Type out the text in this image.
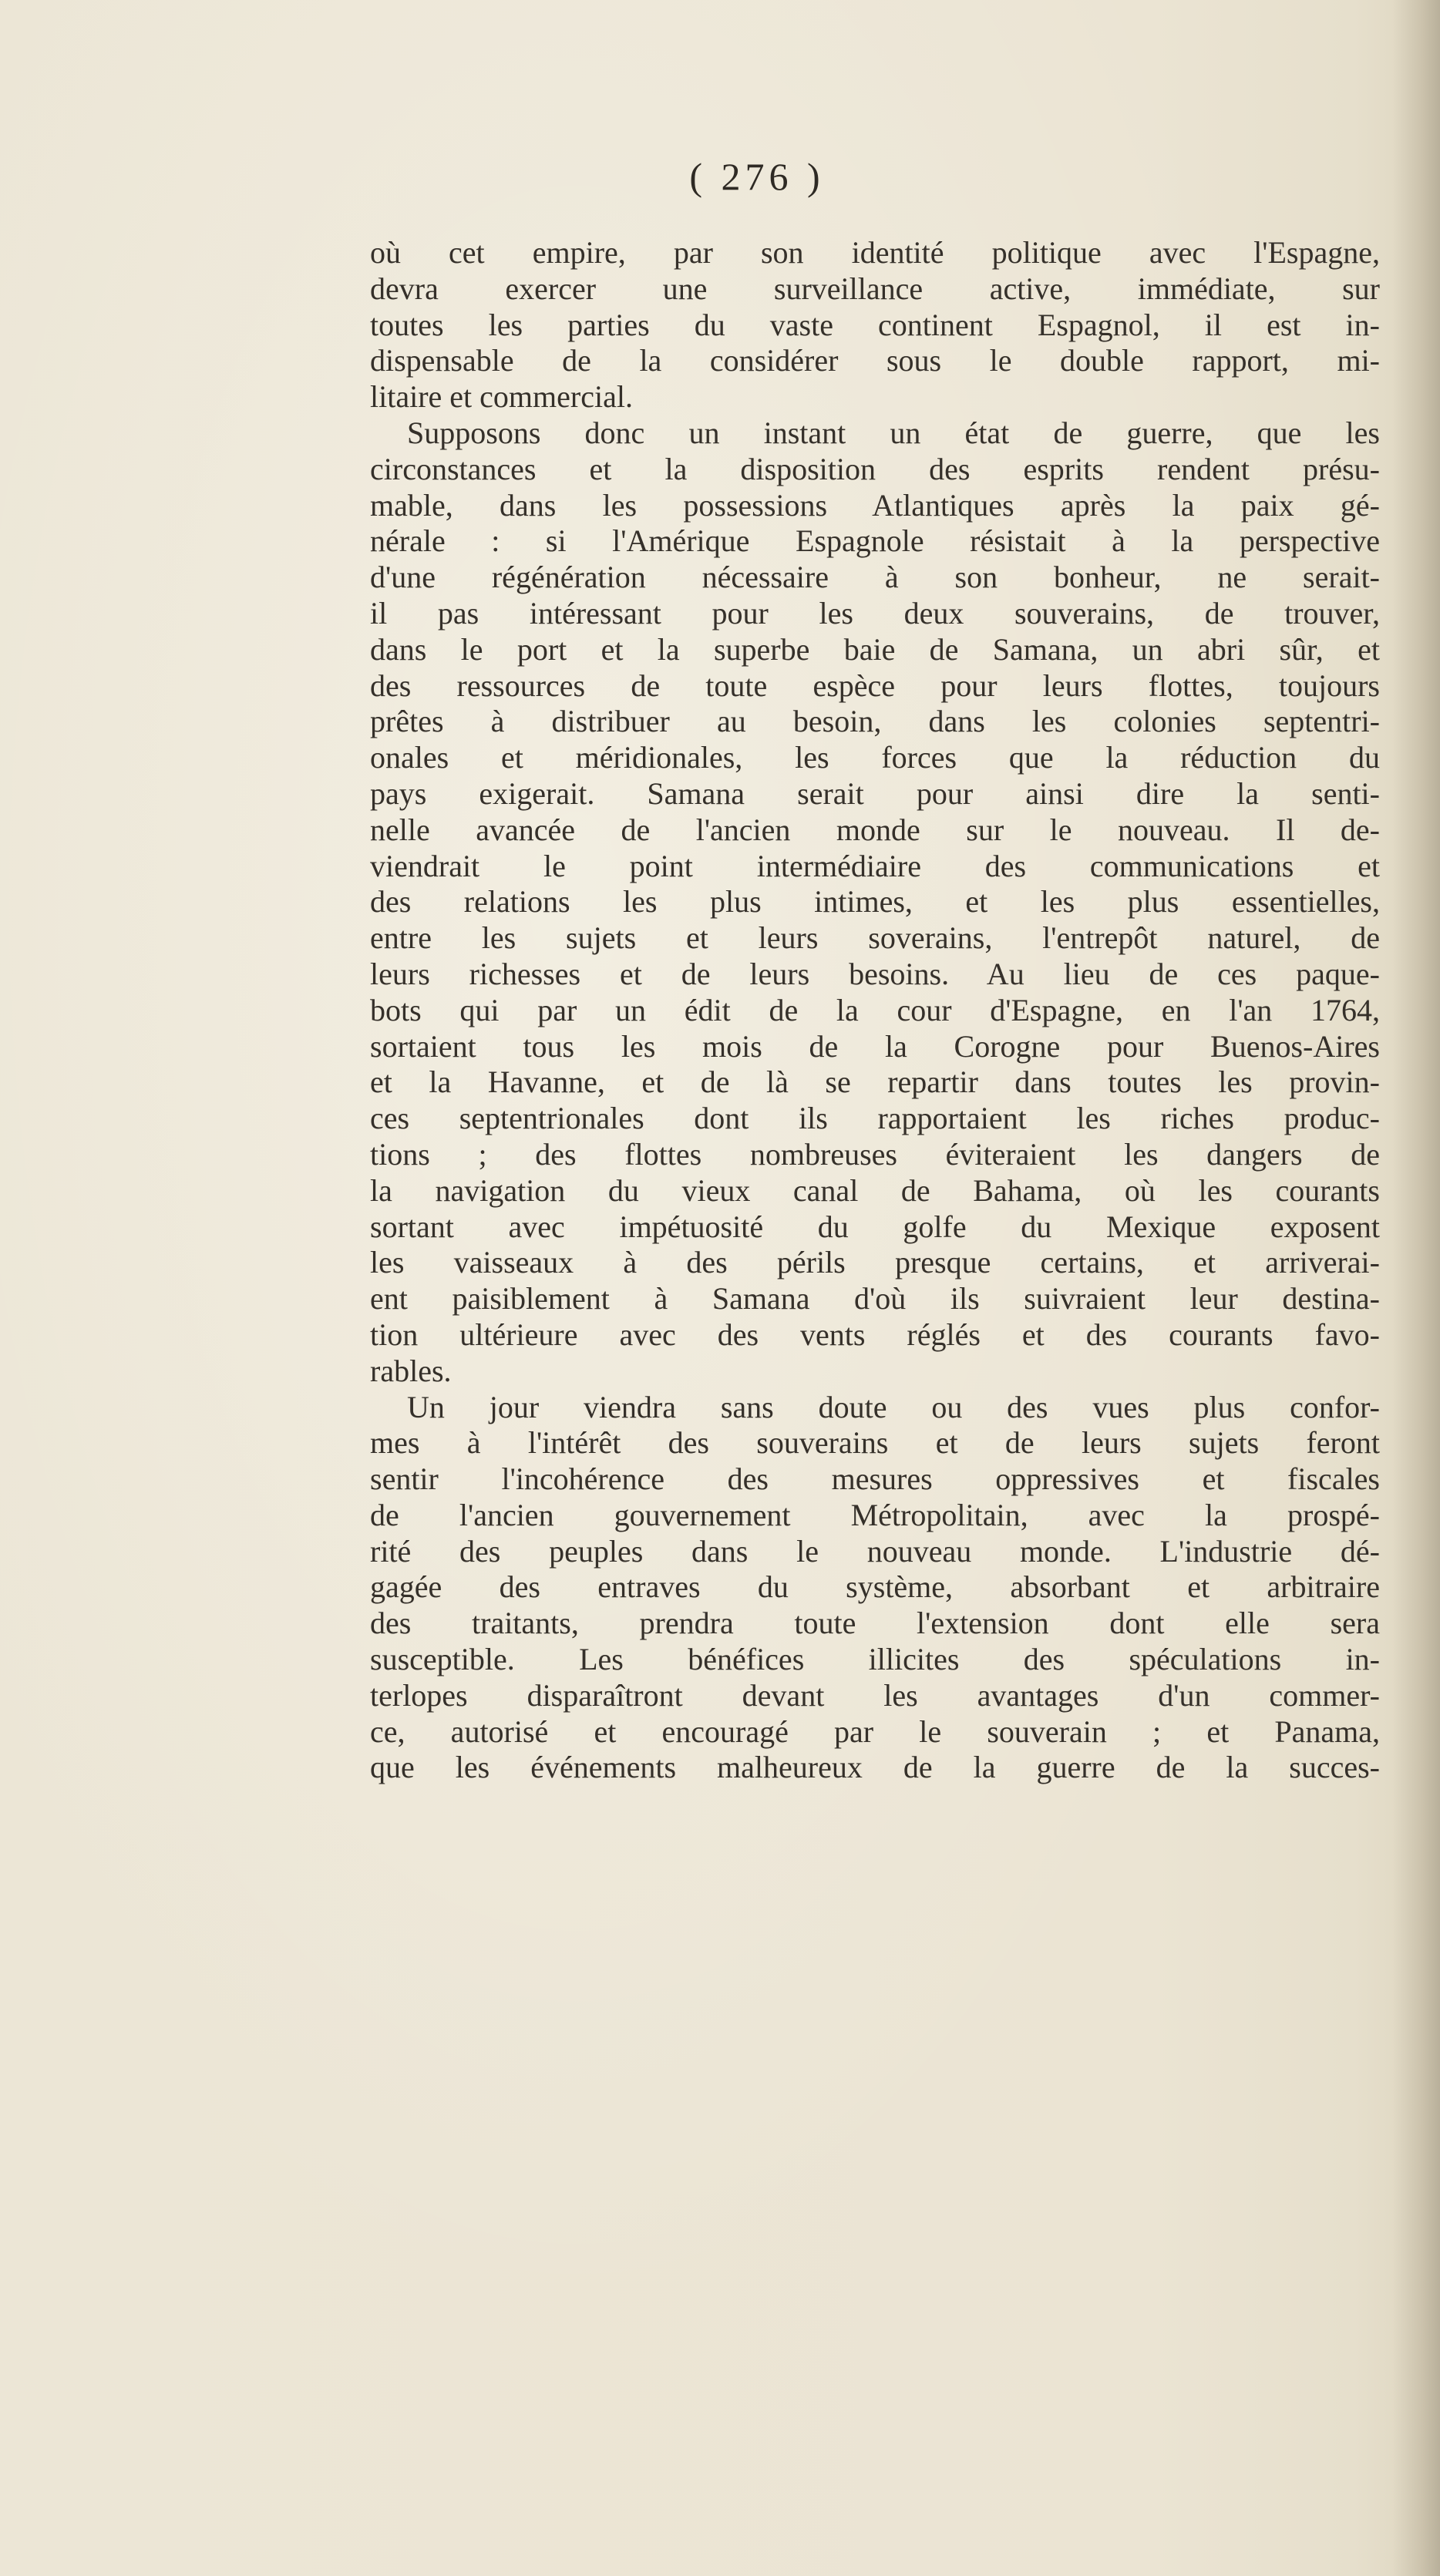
( 276 )

où cet empire, par son identité politique avec l'Espagne,
devra exercer une surveillance active, immédiate, sur
toutes les parties du vaste continent Espagnol, il est in-
dispensable de la considérer sous le double rapport, mi-
litaire et commercial.

Supposons donc un instant un état de guerre, que les
circonstances et la disposition des esprits rendent présu-
mable, dans les possessions Atlantiques après la paix gé-
nérale : si l'Amérique Espagnole résistait à la perspective
d'une régénération nécessaire à son bonheur, ne serait-
il pas intéressant pour les deux souverains, de trouver,
dans le port et la superbe baie de Samana, un abri sûr, et
des ressources de toute espèce pour leurs flottes, toujours
prêtes à distribuer au besoin, dans les colonies septentri-
onales et méridionales, les forces que la réduction du
pays exigerait. Samana serait pour ainsi dire la senti-
nelle avancée de l'ancien monde sur le nouveau. Il de-
viendrait le point intermédiaire des communications et
des relations les plus intimes, et les plus essentielles,
entre les sujets et leurs soverains, l'entrepôt naturel, de
leurs richesses et de leurs besoins. Au lieu de ces paque-
bots qui par un édit de la cour d'Espagne, en l'an 1764,
sortaient tous les mois de la Corogne pour Buenos-Aires
et la Havanne, et de là se repartir dans toutes les provin-
ces septentrionales dont ils rapportaient les riches produc-
tions ; des flottes nombreuses éviteraient les dangers de
la navigation du vieux canal de Bahama, où les courants
sortant avec impétuosité du golfe du Mexique exposent
les vaisseaux à des périls presque certains, et arriverai-
ent paisiblement à Samana d'où ils suivraient leur destina-
tion ultérieure avec des vents réglés et des courants favo-
rables.

Un jour viendra sans doute ou des vues plus confor-
mes à l'intérêt des souverains et de leurs sujets feront
sentir l'incohérence des mesures oppressives et fiscales
de l'ancien gouvernement Métropolitain, avec la prospé-
rité des peuples dans le nouveau monde. L'industrie dé-
gagée des entraves du système, absorbant et arbitraire
des traitants, prendra toute l'extension dont elle sera
susceptible. Les bénéfices illicites des spéculations in-
terlopes disparaîtront devant les avantages d'un commer-
ce, autorisé et encouragé par le souverain ; et Panama,
que les événements malheureux de la guerre de la succes-
